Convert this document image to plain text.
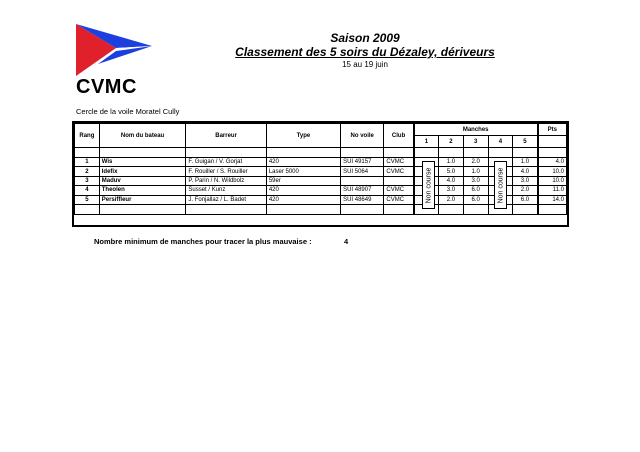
CVMC
Cercle de la voile Moratel Cully
Saison 2009
Classement des 5 soirs du Dézaley, dériveurs
15 au 19 juin
Rang	Nom du bateau	Barreur	Type	No voile	Club	Manches					Pts
						1	2	3	4	5	

1	Wis	F. Guigan / V. Gorjat	420	SUI 49157	CVMC		1.0	2.0		1.0	4.0
2	Idefix	F. Rouiller / S. Rouiller	Laser 5000	SUI 5064	CVMC		5.0	1.0		4.0	10.0
3	Maduv	P. Parin / N. Wildbolz	59er				4.0	3.0		3.0	10.0
4	Theolen	Susset / Kunz	420	SUI 48907	CVMC		3.0	6.0		2.0	11.0
5	Persiffleur	J. Fonjallaz / L. Badet	420	SUI 48649	CVMC		2.0	6.0		6.0	14.0

Non course	Non course
Nombre minimum de manches pour tracer la plus mauvaise :	4
